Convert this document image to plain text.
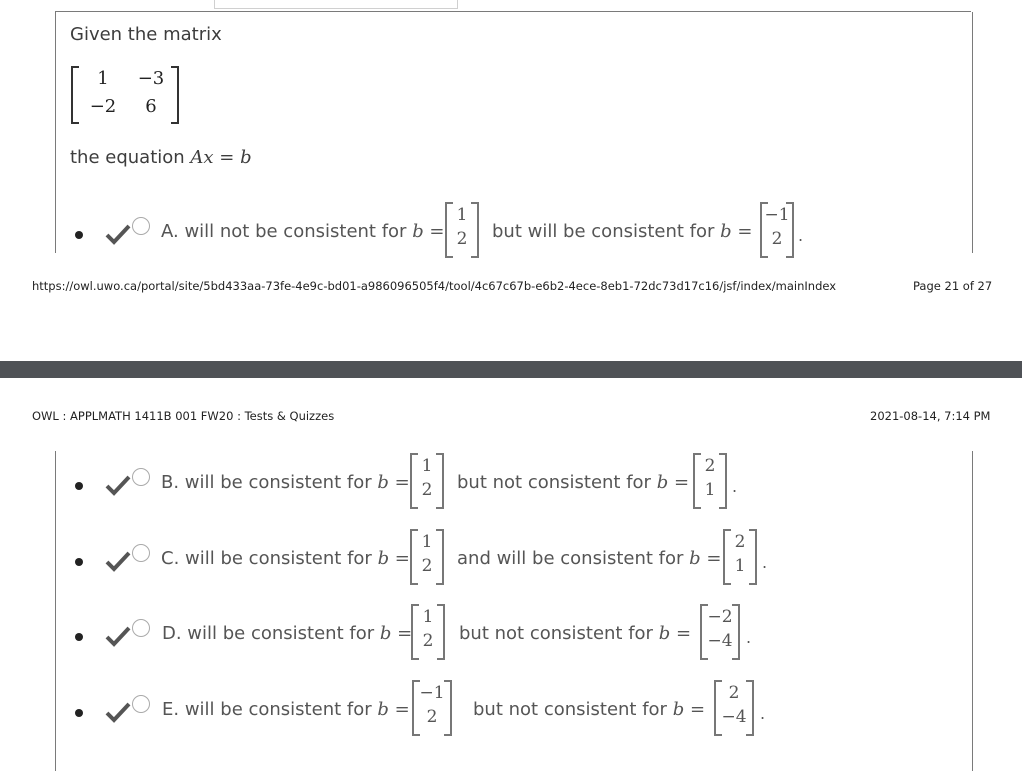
Given the matrix
1	−3
−2	6
the equation Ax = b
A. will not be consistent for b =
1
2	but will be consistent for b =
−1
2 .
https://owl.uwo.ca/portal/site/5bd433aa-73fe-4e9c-bd01-a9860965​05f4/tool/4c67c67b-e6b2-4ece-8eb1-72dc73d17c16/jsf/index/mainIndex	Page 21 of 27
OWL : APPLMATH 1411B 001 FW20 : Tests & Quizzes	2021-08-14, 7:14 PM
B. will be consistent for b =
1
2	but not consistent for b =
2
1	.
C. will be consistent for b =
1
2	and will be consistent for b =
2
1	.
D. will be consistent for b =
1
2	but not consistent for b =
−2
−4 .
E. will be consistent for b =
−1
2	but not consistent for b =
2
−4 .
